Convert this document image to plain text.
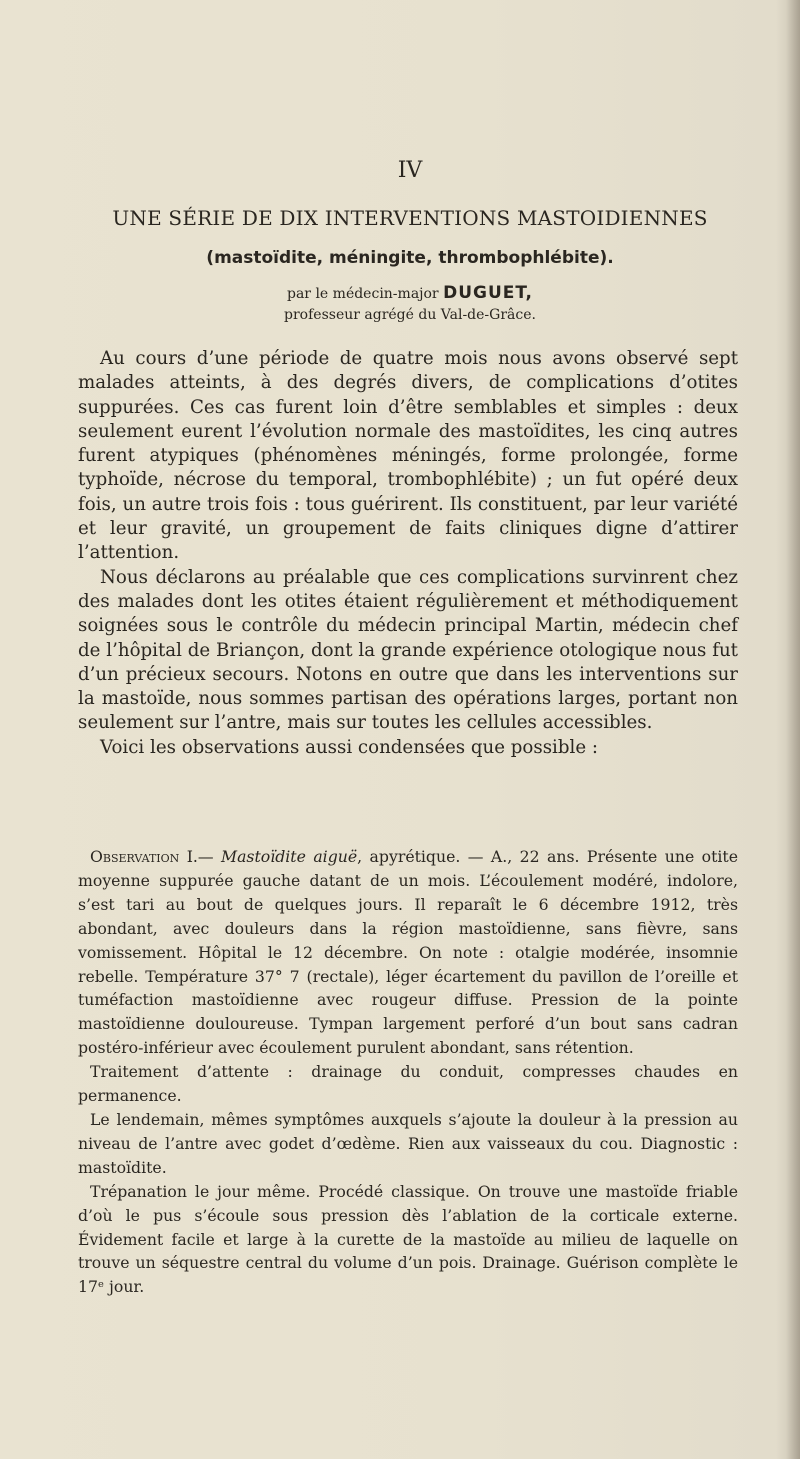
IV
UNE SÉRIE DE DIX INTERVENTIONS MASTOIDIENNES
(mastoïdite, méningite, thrombophlébite).
par le médecin-major DUGUET,
professeur agrégé du Val-de-Grâce.

Au cours d’une période de quatre mois nous avons observé sept malades atteints, à des degrés divers, de complications d’otites suppurées. Ces cas furent loin d’être semblables et simples : deux seulement eurent l’évolution normale des mastoïdites, les cinq autres furent atypiques (phénomènes méningés, forme prolongée, forme typhoïde, nécrose du temporal, trombophlébite) ; un fut opéré deux fois, un autre trois fois : tous guérirent. Ils constituent, par leur variété et leur gravité, un groupement de faits cliniques digne d’attirer l’attention.

Nous déclarons au préalable que ces complications survinrent chez des malades dont les otites étaient régulièrement et méthodiquement soignées sous le contrôle du médecin principal Martin, médecin chef de l’hôpital de Briançon, dont la grande expérience otologique nous fut d’un précieux secours. Notons en outre que dans les interventions sur la mastoïde, nous sommes partisan des opérations larges, portant non seulement sur l’antre, mais sur toutes les cellules accessibles.

Voici les observations aussi condensées que possible :

Observation I.— Mastoïdite aiguë, apyrétique. — A., 22 ans. Présente une otite moyenne suppurée gauche datant de un mois. L’écoulement modéré, indolore, s’est tari au bout de quelques jours. Il reparaît le 6 décembre 1912, très abondant, avec douleurs dans la région mastoïdienne, sans fièvre, sans vomissement. Hôpital le 12 décembre. On note : otalgie modérée, insomnie rebelle. Température 37° 7 (rectale), léger écartement du pavillon de l’oreille et tuméfaction mastoïdienne avec rougeur diffuse. Pression de la pointe mastoïdienne douloureuse. Tympan largement perforé d’un bout sans cadran postéro-inférieur avec écoulement purulent abondant, sans rétention.

Traitement d’attente : drainage du conduit, compresses chaudes en permanence.

Le lendemain, mêmes symptômes auxquels s’ajoute la douleur à la pression au niveau de l’antre avec godet d’œdème. Rien aux vaisseaux du cou. Diagnostic : mastoïdite.

Trépanation le jour même. Procédé classique. On trouve une mastoïde friable d’où le pus s’écoule sous pression dès l’ablation de la corticale externe. Évidement facile et large à la curette de la mastoïde au milieu de laquelle on trouve un séquestre central du volume d’un pois. Drainage. Guérison complète le 17ᵉ jour.
